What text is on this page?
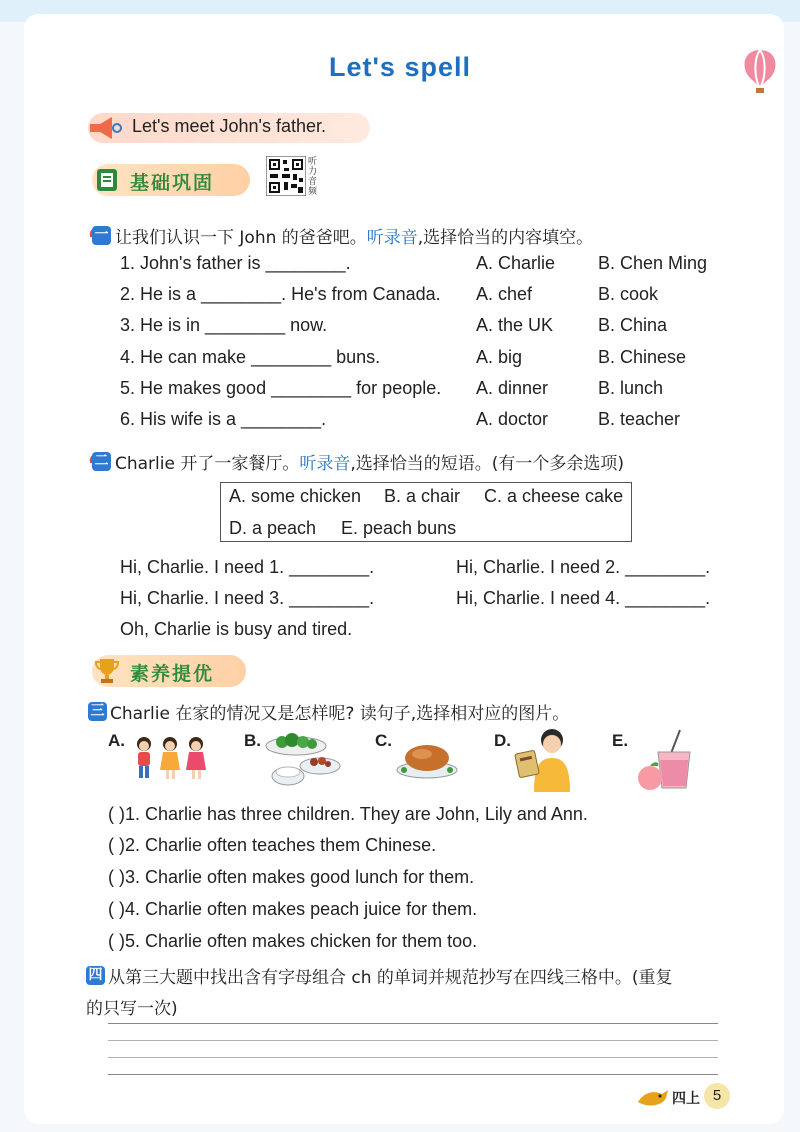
Let's spell
Let's meet John's father.
基础巩固
听力音频
一 让我们认识一下 John 的爸爸吧。听录音,选择恰当的内容填空。
1. John's father is ________.	A. Charlie B. Chen Ming
2. He is a ________. He's from Canada. A. chef	B. cook
3. He is in ________ now.	A. the UK B. China
4. He can make ________ buns.	A. big	B. Chinese
5. He makes good ________ for people. A. dinner	B. lunch
6. His wife is a ________.	A. doctor	B. teacher
二 Charlie 开了一家餐厅。听录音,选择恰当的短语。(有一个多余选项)
A. some chicken B. a chair C. a cheese cake
D. a peach E. peach buns
Hi, Charlie. I need 1. ________.	Hi, Charlie. I need 2. ________.
Hi, Charlie. I need 3. ________.	Hi, Charlie. I need 4. ________.
Oh, Charlie is busy and tired.
素养提优
三 Charlie 在家的情况又是怎样呢? 读句子,选择相对应的图片。
A.	B.	C.	D.	E.
( )1. Charlie has three children. They are John, Lily and Ann.
( )2. Charlie often teaches them Chinese.
( )3. Charlie often makes good lunch for them.
( )4. Charlie often makes peach juice for them.
( )5. Charlie often makes chicken for them too.
四 从第三大题中找出含有字母组合 ch 的单词并规范抄写在四线三格中。(重复
的只写一次)
四上 5
